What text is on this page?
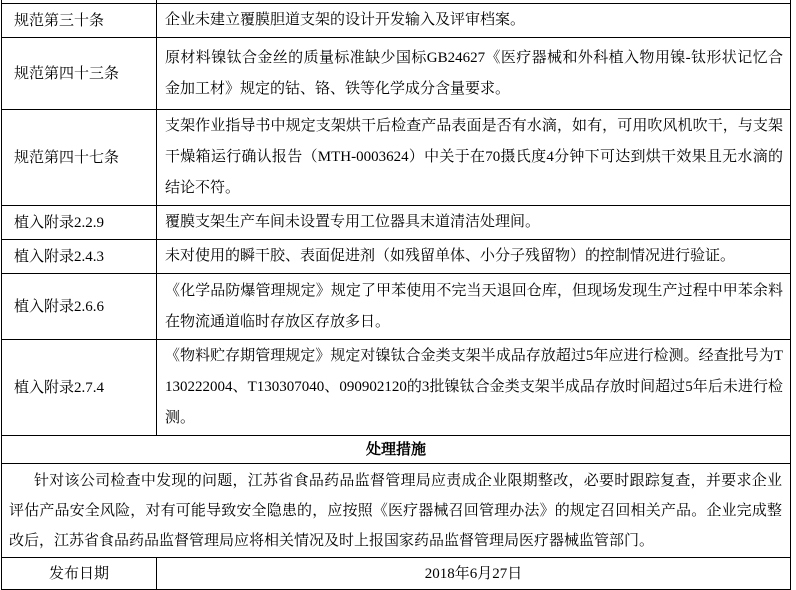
规范第三十条	企业未建立覆膜胆道支架的设计开发输入及评审档案。
规范第四十三条	原材料镍钛合金丝的质量标准缺少国标GB24627《医疗器械和外科植入物用镍-钛形状记忆合金加工材》规定的钴、铬、铁等化学成分含量要求。
规范第四十七条	支架作业指导书中规定支架烘干后检查产品表面是否有水滴，如有，可用吹风机吹干，与支架干燥箱运行确认报告（MTH-0003624）中关于在70摄氏度4分钟下可达到烘干效果且无水滴的结论不符。
植入附录2.2.9	覆膜支架生产车间未设置专用工位器具末道清洁处理间。
植入附录2.4.3	未对使用的瞬干胶、表面促进剂（如残留单体、小分子残留物）的控制情况进行验证。
植入附录2.6.6	《化学品防爆管理规定》规定了甲苯使用不完当天退回仓库，但现场发现生产过程中甲苯余料在物流通道临时存放区存放多日。
植入附录2.7.4	《物料贮存期管理规定》规定对镍钛合金类支架半成品存放超过5年应进行检测。经查批号为T130222004、T130307040、090902120的3批镍钛合金类支架半成品存放时间超过5年后未进行检测。
处理措施	

针对该公司检查中发现的问题，江苏省食品药品监督管理局应责成企业限期整改，必要时跟踪复查，并要求企业评估产品安全风险，对有可能导致安全隐患的，应按照《医疗器械召回管理办法》的规定召回相关产品。企业完成整改后，江苏省食品药品监督管理局应将相关情况及时上报国家药品监督管理局医疗器械监管部门。	

发布日期	2018年6月27日
